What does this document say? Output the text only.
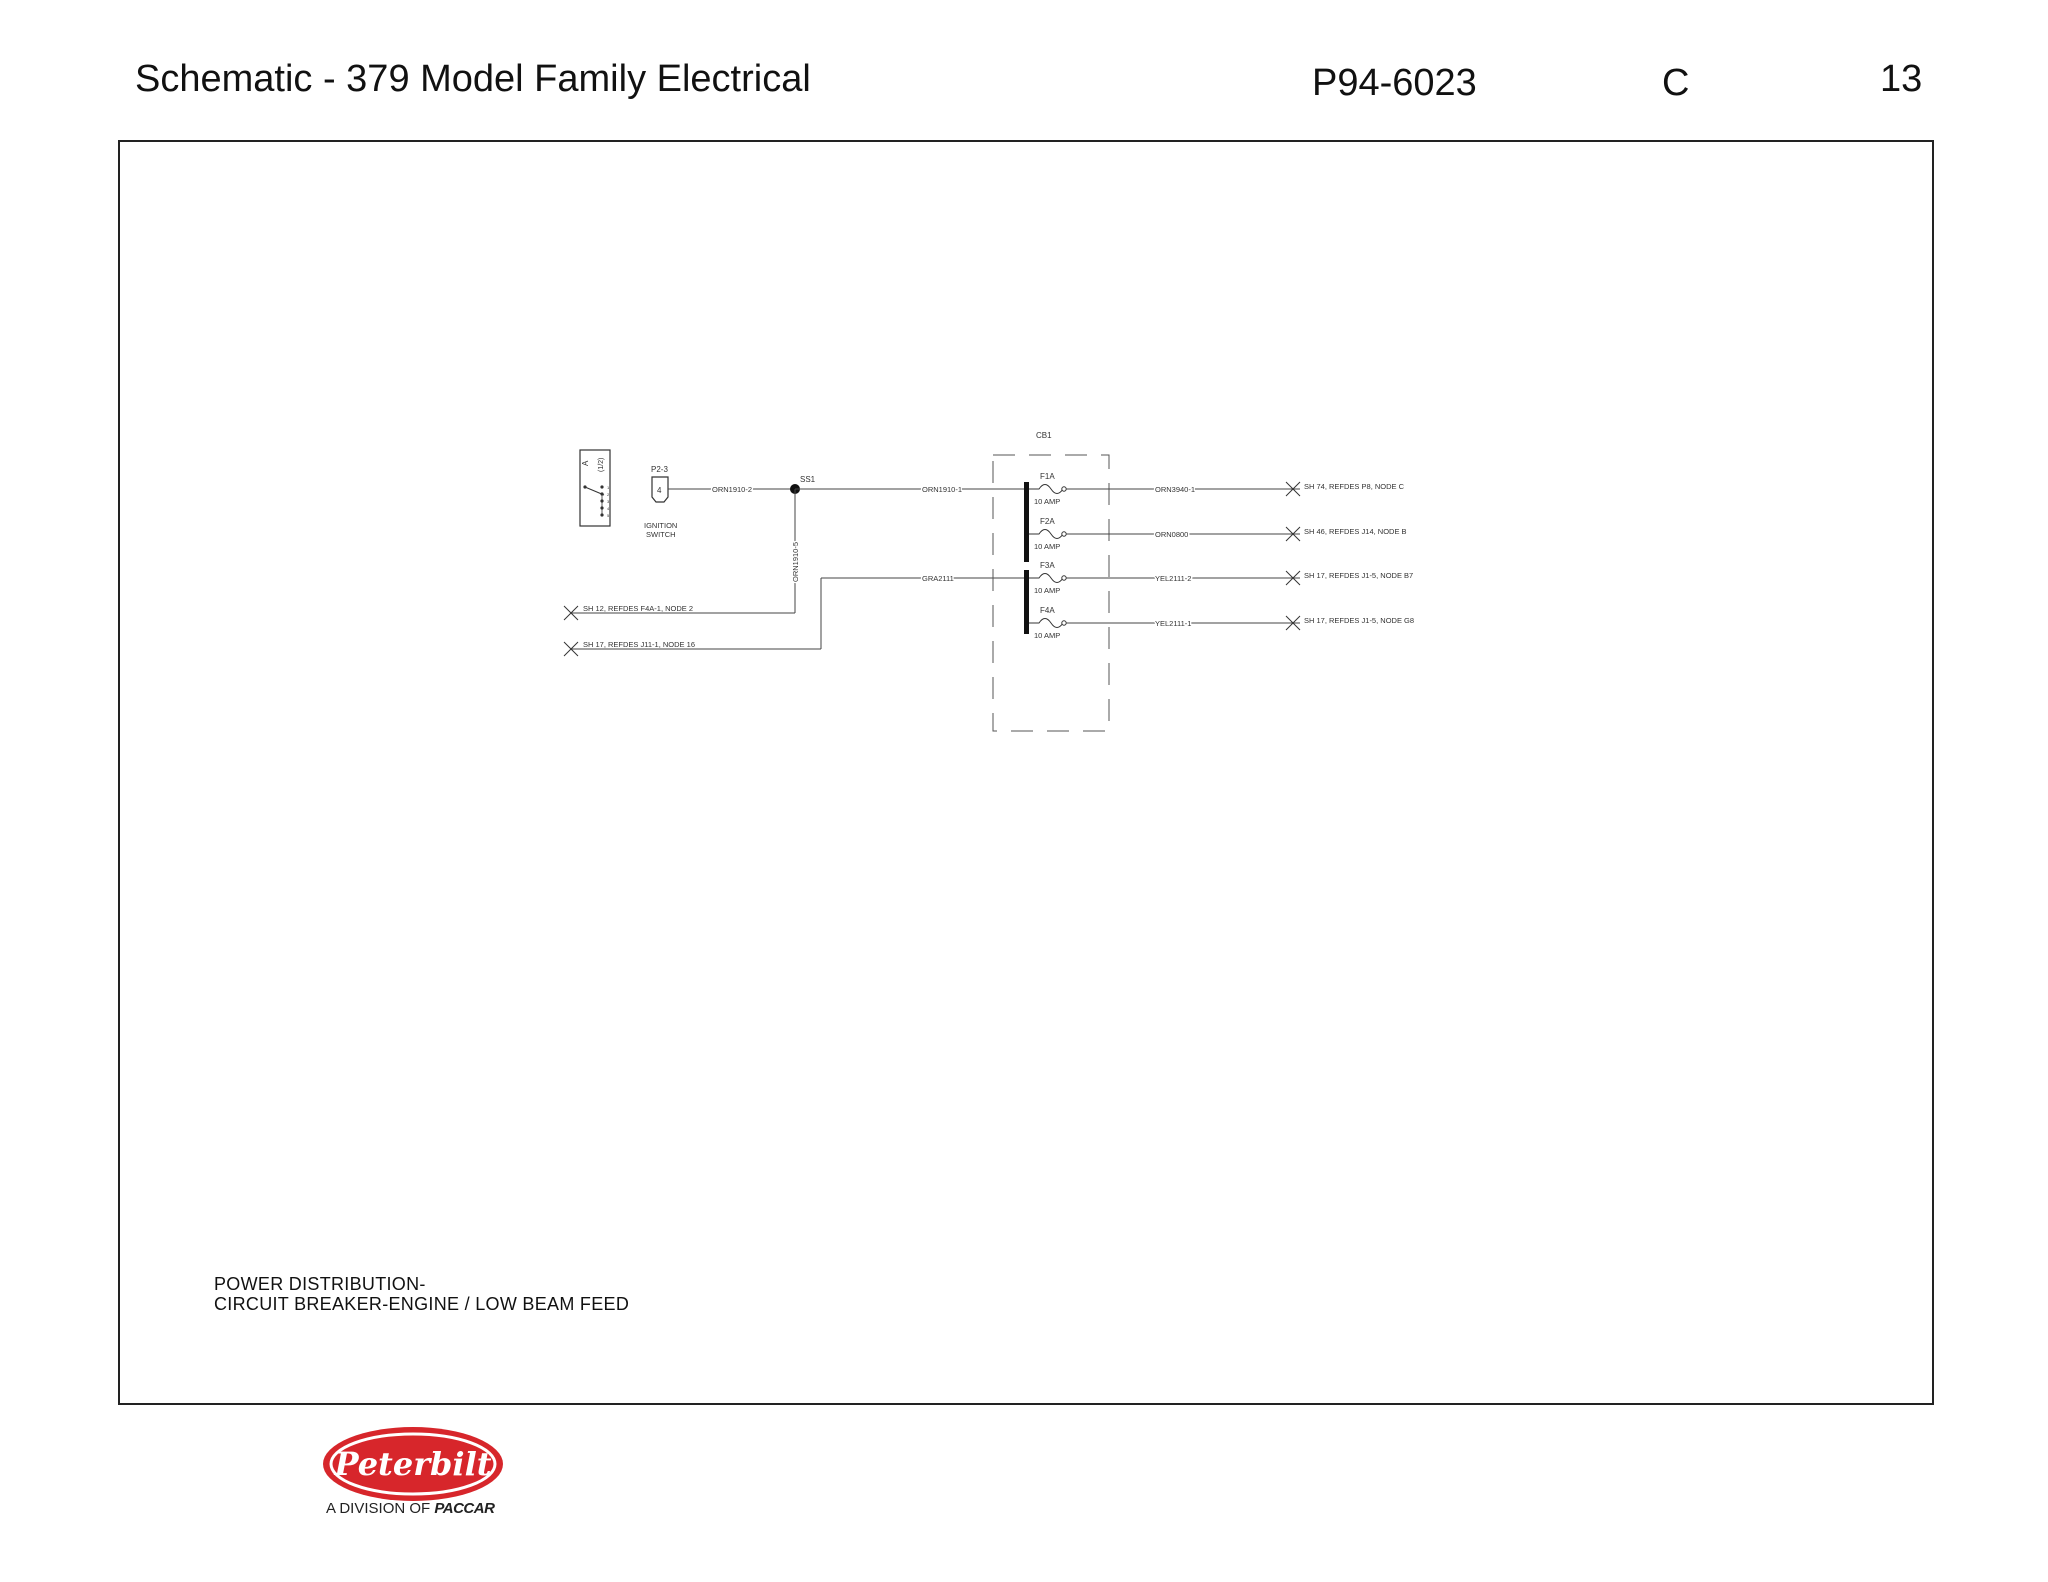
Schematic - 379 Model Family Electrical	P94-6023	C	13
A (1/2)
1
2
3
4
5
P2-3
4
IGNITION
SWITCH
ORN1910-2
SS1
ORN1910-1
ORN1910-5
SH 12, REFDES F4A-1, NODE 2
GRA2111
SH 17, REFDES J11-1, NODE 16
CB1
F1A
10 AMP
ORN3940-1	SH 74, REFDES P8, NODE C
F2A
10 AMP
ORN0800	SH 46, REFDES J14, NODE B
F3A
10 AMP
YEL2111-2	SH 17, REFDES J1-5, NODE B7
F4A
10 AMP
YEL2111-1	SH 17, REFDES J1-5, NODE G8
POWER DISTRIBUTION-
CIRCUIT BREAKER-ENGINE / LOW BEAM FEED
Peterbilt
A DIVISION OF PACCAR
